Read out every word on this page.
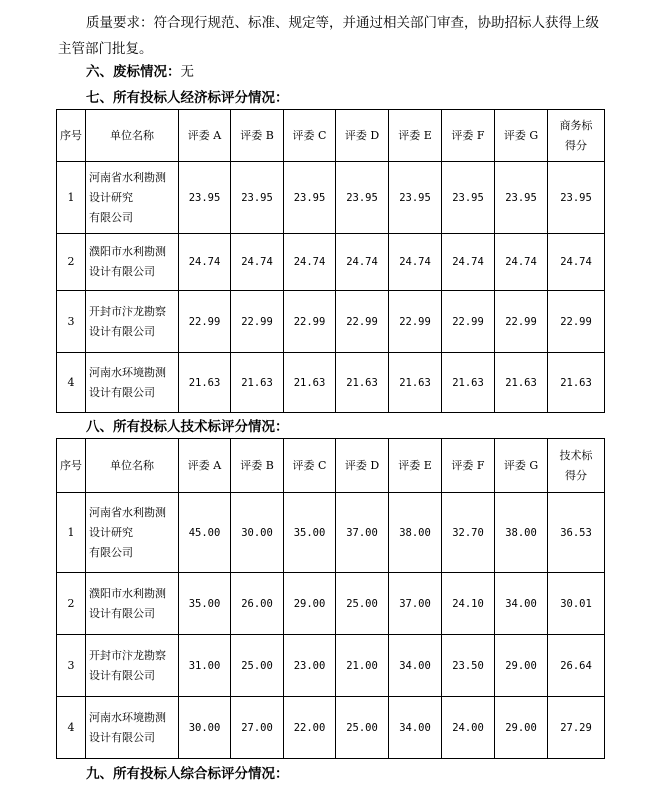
质量要求：符合现行规范、标准、规定等，并通过相关部门审查，协助招标人获得上级
主管部门批复。
六、废标情况：无
七、所有投标人经济标评分情况：
序号	单位名称	评委 A	评委 B	评委 C	评委 D	评委 E	评委 F	评委 G	商务标
得分

1	河南省水利勘测
设计研究
有限公司	23.95	23.95	23.95	23.95	23.95	23.95	23.95	23.95
2	濮阳市水利勘测
设计有限公司	24.74	24.74	24.74	24.74	24.74	24.74	24.74	24.74
3	开封市汴龙勘察
设计有限公司	22.99	22.99	22.99	22.99	22.99	22.99	22.99	22.99
4	河南水环境勘测
设计有限公司	21.63	21.63	21.63	21.63	21.63	21.63	21.63	21.63
八、所有投标人技术标评分情况：
序号	单位名称	评委 A	评委 B	评委 C	评委 D	评委 E	评委 F	评委 G	技术标
得分

1	河南省水利勘测
设计研究
有限公司	45.00	30.00	35.00	37.00	38.00	32.70	38.00	36.53
2	濮阳市水利勘测
设计有限公司	35.00	26.00	29.00	25.00	37.00	24.10	34.00	30.01
3	开封市汴龙勘察
设计有限公司	31.00	25.00	23.00	21.00	34.00	23.50	29.00	26.64
4	河南水环境勘测
设计有限公司	30.00	27.00	22.00	25.00	34.00	24.00	29.00	27.29
九、所有投标人综合标评分情况：
